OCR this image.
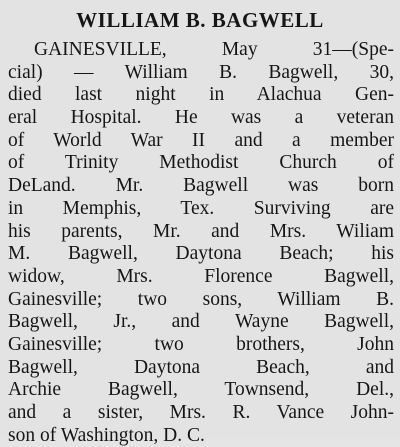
WILLIAM B. BAGWELL
GAINESVILLE, May 31—(Spe-
cial) — William B. Bagwell, 30,
died last night in Alachua Gen-
eral Hospital. He was a veteran
of World War II and a member
of Trinity Methodist Church of
DeLand. Mr. Bagwell was born
in Memphis, Tex. Surviving are
his parents, Mr. and Mrs. Wiliam
M. Bagwell, Daytona Beach; his
widow, Mrs. Florence Bagwell,
Gainesville; two sons, William B.
Bagwell, Jr., and Wayne Bagwell,
Gainesville; two brothers, John
Bagwell, Daytona Beach, and
Archie Bagwell, Townsend, Del.,
and a sister, Mrs. R. Vance John-
son of Washington, D. C.
